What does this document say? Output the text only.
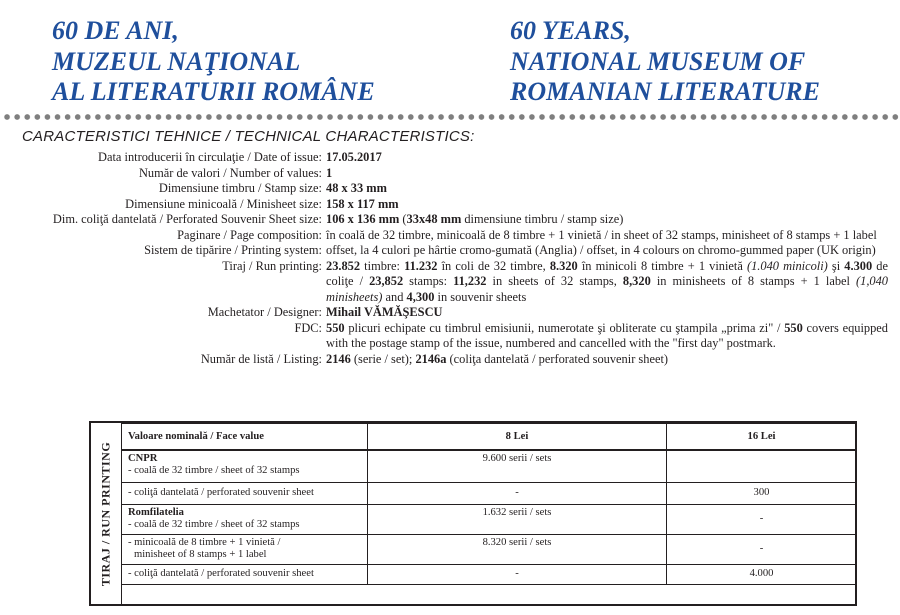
60 DE ANI,
MUZEUL NAŢIONAL
AL LITERATURII ROMÂNE
60 YEARS,
NATIONAL MUSEUM OF
ROMANIAN LITERATURE
CARACTERISTICI TEHNICE / TECHNICAL CHARACTERISTICS:
Data introducerii în circulaţie / Date of issue: 17.05.2017
Număr de valori / Number of values: 1
Dimensiune timbru / Stamp size: 48 x 33 mm
Dimensiune minicoală / Minisheet size: 158 x 117 mm
Dim. coliţă dantelată / Perforated Souvenir Sheet size: 106 x 136 mm (33x48 mm dimensiune timbru / stamp size)
Paginare / Page composition: în coală de 32 timbre, minicoală de 8 timbre + 1 vinietă / in sheet of 32 stamps, minisheet of 8 stamps + 1 label
Sistem de tipărire / Printing system: offset, la 4 culori pe hârtie cromo-gumată (Anglia) / offset, in 4 colours on chromo-gummed paper (UK origin)
Tiraj / Run printing: 23.852 timbre: 11.232 în coli de 32 timbre, 8.320 în minicoli 8 timbre + 1 vinietă (1.040 minicoli) şi 4.300 de coliţe / 23,852 stamps: 11,232 in sheets of 32 stamps, 8,320 in minisheets of 8 stamps + 1 label (1,040 minisheets) and 4,300 in souvenir sheets
Machetator / Designer: Mihail VĂMĂŞESCU
FDC: 550 plicuri echipate cu timbrul emisiunii, numerotate şi obliterate cu ştampila „prima zi" / 550 covers equipped with the postage stamp of the issue, numbered and cancelled with the "first day" postmark.
Număr de listă / Listing: 2146 (serie / set); 2146a (coliţa dantelată / perforated souvenir sheet)
TIRAJ / RUN PRINTING
Valoare nominală / Face value	8 Lei	16 Lei
CNPR
- coală de 32 timbre / sheet of 32 stamps	9.600 serii / sets	
- coliţă dantelată / perforated souvenir sheet	-	300
Romfilatelia
- coală de 32 timbre / sheet of 32 stamps	1.632 serii / sets	-
- minicoală de 8 timbre + 1 vinietă /
minisheet of 8 stamps + 1 label	8.320 serii / sets	-
- coliţă dantelată / perforated souvenir sheet	-	4.000
